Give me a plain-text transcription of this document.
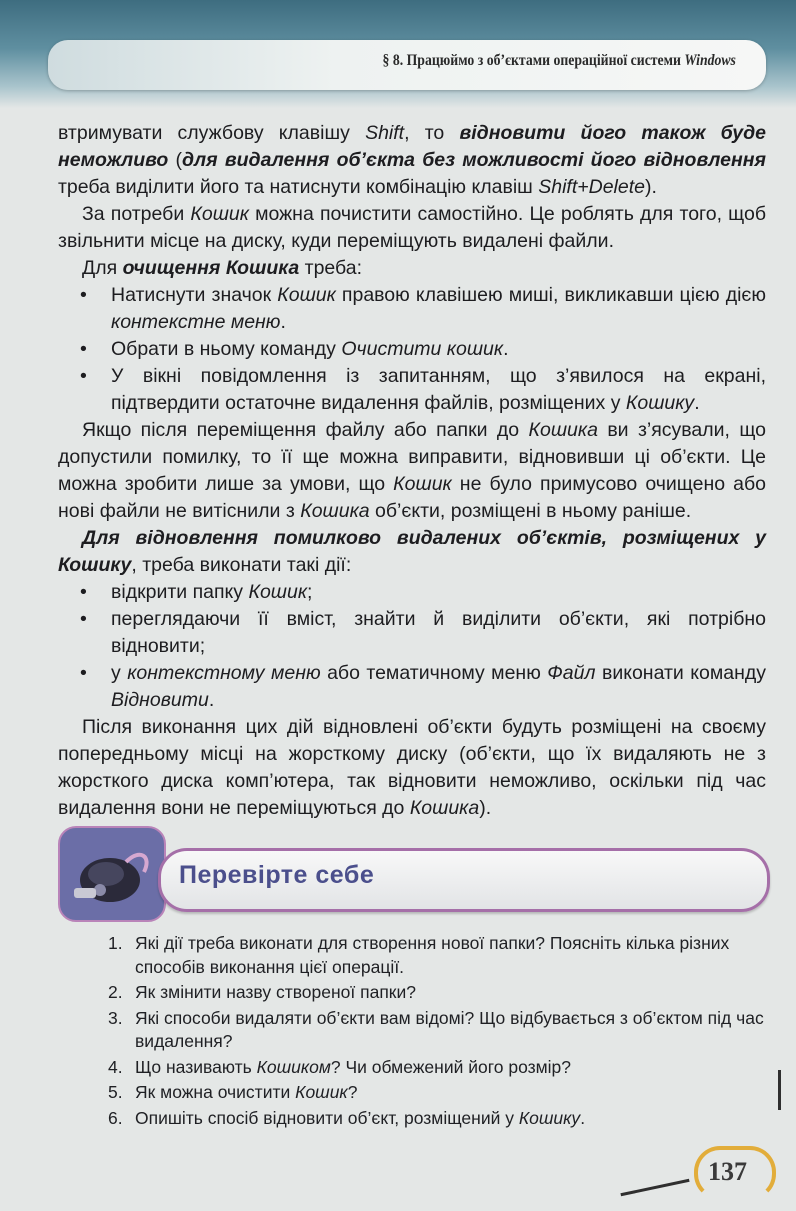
§ 8. Працюймо з об’єктами операційної системи Windows

втримувати службову клавішу Shift, то відновити його також буде неможливо (для видалення об’єкта без можливості його відновлення треба виділити його та натиснути комбінацію клавіш Shift+Delete).

За потреби Кошик можна почистити самостійно. Це роблять для того, щоб звільнити місце на диску, куди переміщують видалені файли.

Для очищення Кошика треба:

• Натиснути значок Кошик правою клавішею миші, викликавши цією дією контекстне меню.
• Обрати в ньому команду Очистити кошик.
• У вікні повідомлення із запитанням, що з’явилося на екрані, підтвердити остаточне видалення файлів, розміщених у Кошику.

Якщо після переміщення файлу або папки до Кошика ви з’ясували, що допустили помилку, то її ще можна виправити, відновивши ці об’єкти. Це можна зробити лише за умови, що Кошик не було примусово очищено або нові файли не витіснили з Кошика об’єкти, розміщені в ньому раніше.

Для відновлення помилково видалених об’єктів, розміщених у Кошику, треба виконати такі дії:

• відкрити папку Кошик;
• переглядаючи її вміст, знайти й виділити об’єкти, які потрібно відновити;
• у контекстному меню або тематичному меню Файл виконати команду Відновити.

Після виконання цих дій відновлені об’єкти будуть розміщені на своєму попередньому місці на жорсткому диску (об’єкти, що їх видаляють не з жорсткого диска комп’ютера, так відновити неможливо, оскільки під час видалення вони не переміщуються до Кошика).

Перевірте себе
1. Які дії треба виконати для створення нової папки? Поясніть кілька різних способів виконання цієї операції.
2. Як змінити назву створеної папки?
3. Які способи видаляти об’єкти вам відомі? Що відбувається з об’єктом під час видалення?
4. Що називають Кошиком? Чи обмежений його розмір?
5. Як можна очистити Кошик?
6. Опишіть спосіб відновити об’єкт, розміщений у Кошику.
137
